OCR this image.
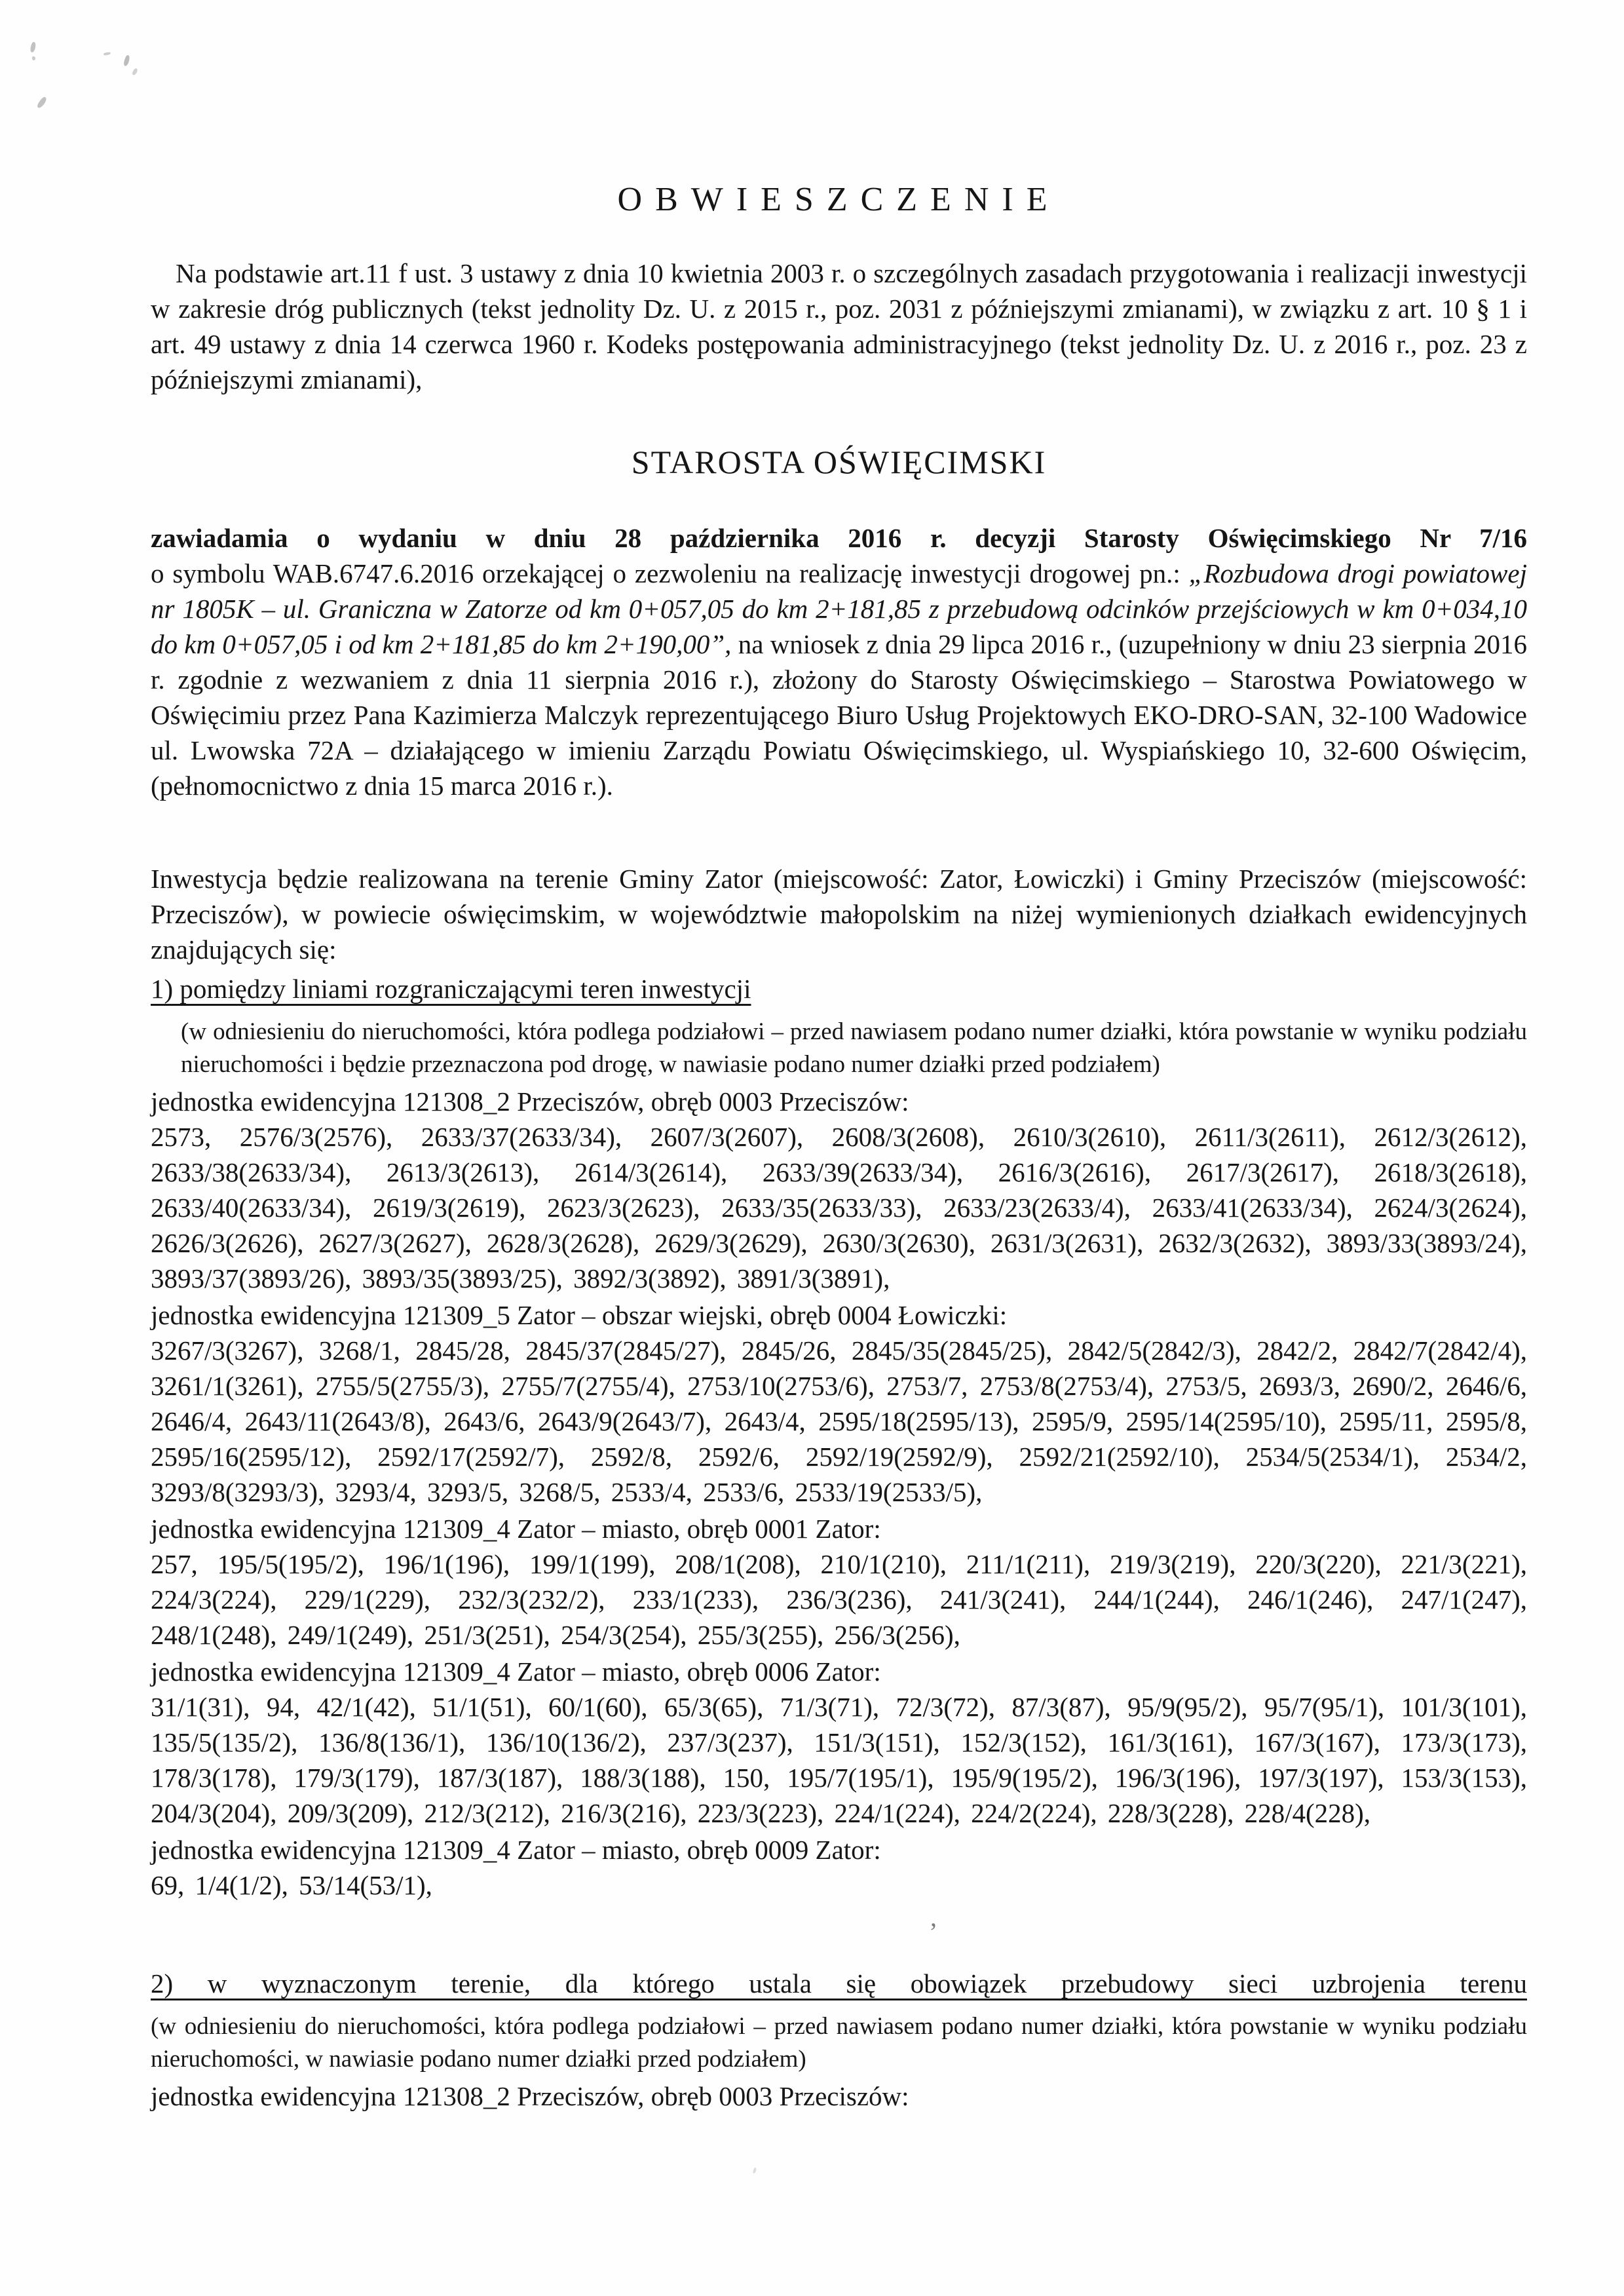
’
OBWIESZCZENIE

Na podstawie art.11 f ust. 3 ustawy z dnia 10 kwietnia 2003 r. o szczególnych zasadach przygotowania i realizacji inwestycji w zakresie dróg publicznych (tekst jednolity Dz. U. z 2015 r., poz. 2031 z późniejszymi zmianami), w związku z art. 10 § 1 i art. 49 ustawy z dnia 14 czerwca 1960 r. Kodeks postępowania administracyjnego (tekst jednolity Dz. U. z 2016 r., poz. 23 z późniejszymi zmianami),

STAROSTA OŚWIĘCIMSKI

zawiadamia o wydaniu w dniu 28 października 2016 r. decyzji Starosty Oświęcimskiego Nr 7/16

o symbolu WAB.6747.6.2016 orzekającej o zezwoleniu na realizację inwestycji drogowej pn.: „Rozbudowa drogi powiatowej nr 1805K – ul. Graniczna w Zatorze od km 0+057,05 do km 2+181,85 z przebudową odcinków przejściowych w km 0+034,10 do km 0+057,05 i od km 2+181,85 do km 2+190,00”, na wniosek z dnia 29 lipca 2016 r., (uzupełniony w dniu 23 sierpnia 2016 r. zgodnie z wezwaniem z dnia 11 sierpnia 2016 r.), złożony do Starosty Oświęcimskiego – Starostwa Powiatowego w Oświęcimiu przez Pana Kazimierza Malczyk reprezentującego Biuro Usług Projektowych EKO-DRO-SAN, 32-100 Wadowice ul. Lwowska 72A – działającego w imieniu Zarządu Powiatu Oświęcimskiego, ul. Wyspiańskiego 10, 32-600 Oświęcim, (pełnomocnictwo z dnia 15 marca 2016 r.).

Inwestycja będzie realizowana na terenie Gminy Zator (miejscowość: Zator, Łowiczki) i Gminy Przeciszów (miejscowość: Przeciszów), w powiecie oświęcimskim, w województwie małopolskim na niżej wymienionych działkach ewidencyjnych znajdujących się:

1) pomiędzy liniami rozgraniczającymi teren inwestycji

(w odniesieniu do nieruchomości, która podlega podziałowi – przed nawiasem podano numer działki, która powstanie w wyniku podziału nieruchomości i będzie przeznaczona pod drogę, w nawiasie podano numer działki przed podziałem)

jednostka ewidencyjna 121308_2 Przeciszów, obręb 0003 Przeciszów:

2573, 2576/3(2576), 2633/37(2633/34), 2607/3(2607), 2608/3(2608), 2610/3(2610), 2611/3(2611), 2612/3(2612), 2633/38(2633/34), 2613/3(2613), 2614/3(2614), 2633/39(2633/34), 2616/3(2616), 2617/3(2617), 2618/3(2618), 2633/40(2633/34), 2619/3(2619), 2623/3(2623), 2633/35(2633/33), 2633/23(2633/4), 2633/41(2633/34), 2624/3(2624), 2626/3(2626), 2627/3(2627), 2628/3(2628), 2629/3(2629), 2630/3(2630), 2631/3(2631), 2632/3(2632), 3893/33(3893/24), 3893/37(3893/26), 3893/35(3893/25), 3892/3(3892), 3891/3(3891),

jednostka ewidencyjna 121309_5 Zator – obszar wiejski, obręb 0004 Łowiczki:

3267/3(3267), 3268/1, 2845/28, 2845/37(2845/27), 2845/26, 2845/35(2845/25), 2842/5(2842/3), 2842/2, 2842/7(2842/4), 3261/1(3261), 2755/5(2755/3), 2755/7(2755/4), 2753/10(2753/6), 2753/7, 2753/8(2753/4), 2753/5, 2693/3, 2690/2, 2646/6, 2646/4, 2643/11(2643/8), 2643/6, 2643/9(2643/7), 2643/4, 2595/18(2595/13), 2595/9, 2595/14(2595/10), 2595/11, 2595/8, 2595/16(2595/12), 2592/17(2592/7), 2592/8, 2592/6, 2592/19(2592/9), 2592/21(2592/10), 2534/5(2534/1), 2534/2, 3293/8(3293/3), 3293/4, 3293/5, 3268/5, 2533/4, 2533/6, 2533/19(2533/5),

jednostka ewidencyjna 121309_4 Zator – miasto, obręb 0001 Zator:

257, 195/5(195/2), 196/1(196), 199/1(199), 208/1(208), 210/1(210), 211/1(211), 219/3(219), 220/3(220), 221/3(221), 224/3(224), 229/1(229), 232/3(232/2), 233/1(233), 236/3(236), 241/3(241), 244/1(244), 246/1(246), 247/1(247), 248/1(248), 249/1(249), 251/3(251), 254/3(254), 255/3(255), 256/3(256),

jednostka ewidencyjna 121309_4 Zator – miasto, obręb 0006 Zator:

31/1(31), 94, 42/1(42), 51/1(51), 60/1(60), 65/3(65), 71/3(71), 72/3(72), 87/3(87), 95/9(95/2), 95/7(95/1), 101/3(101), 135/5(135/2), 136/8(136/1), 136/10(136/2), 237/3(237), 151/3(151), 152/3(152), 161/3(161), 167/3(167), 173/3(173), 178/3(178), 179/3(179), 187/3(187), 188/3(188), 150, 195/7(195/1), 195/9(195/2), 196/3(196), 197/3(197), 153/3(153), 204/3(204), 209/3(209), 212/3(212), 216/3(216), 223/3(223), 224/1(224), 224/2(224), 228/3(228), 228/4(228),

jednostka ewidencyjna 121309_4 Zator – miasto, obręb 0009 Zator:

69, 1/4(1/2), 53/14(53/1),

2) w wyznaczonym terenie, dla którego ustala się obowiązek przebudowy sieci uzbrojenia terenu

(w odniesieniu do nieruchomości, która podlega podziałowi – przed nawiasem podano numer działki, która powstanie w wyniku podziału nieruchomości, w nawiasie podano numer działki przed podziałem)

jednostka ewidencyjna 121308_2 Przeciszów, obręb 0003 Przeciszów:
